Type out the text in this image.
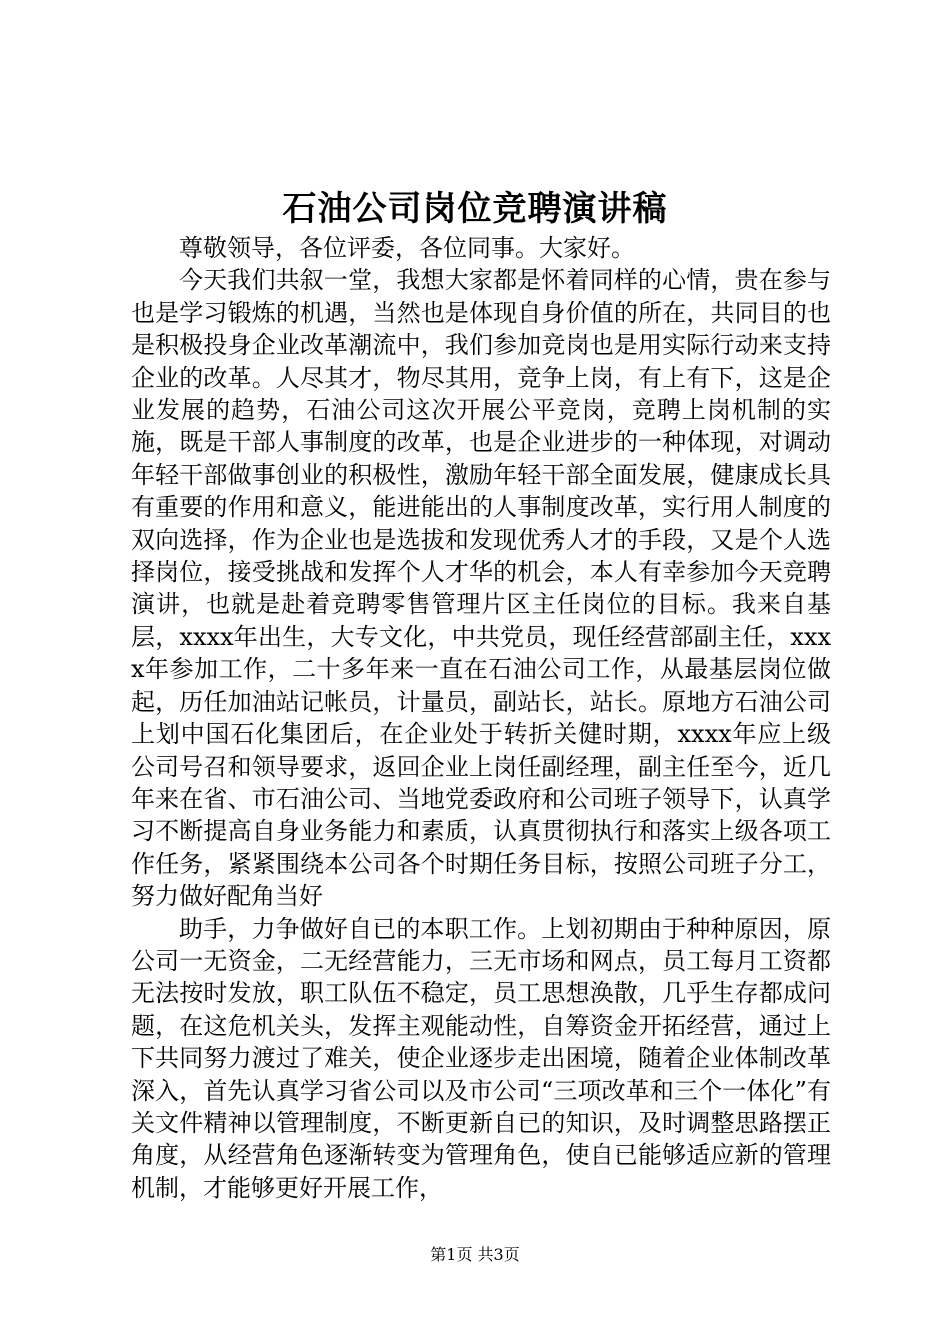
石油公司岗位竞聘演讲稿

尊敬领导，各位评委，各位同事。大家好。

今天我们共叙一堂，我想大家都是怀着同样的心情，贵在参与也是学习锻炼的机遇，当然也是体现自身价值的所在，共同目的也是积极投身企业改革潮流中，我们参加竞岗也是用实际行动来支持企业的改革。人尽其才，物尽其用，竞争上岗，有上有下，这是企业发展的趋势，石油公司这次开展公平竞岗，竞聘上岗机制的实施，既是干部人事制度的改革，也是企业进步的一种体现，对调动年轻干部做事创业的积极性，激励年轻干部全面发展，健康成长具有重要的作用和意义，能进能出的人事制度改革，实行用人制度的双向选择，作为企业也是选拔和发现优秀人才的手段，又是个人选择岗位，接受挑战和发挥个人才华的机会，本人有幸参加今天竞聘演讲，也就是赴着竞聘零售管理片区主任岗位的目标。我来自基层，xxxx年出生，大专文化，中共党员，现任经营部副主任，xxxx年参加工作，二十多年来一直在石油公司工作，从最基层岗位做起，历任加油站记帐员，计量员，副站长，站长。原地方石油公司上划中国石化集团后，在企业处于转折关健时期，xxxx年应上级公司号召和领导要求，返回企业上岗任副经理，副主任至今，近几年来在省、市石油公司、当地党委政府和公司班子领导下，认真学习不断提高自身业务能力和素质，认真贯彻执行和落实上级各项工作任务，紧紧围绕本公司各个时期任务目标，按照公司班子分工，努力做好配角当好

助手，力争做好自已的本职工作。上划初期由于种种原因，原公司一无资金，二无经营能力，三无市场和网点，员工每月工资都无法按时发放，职工队伍不稳定，员工思想涣散，几乎生存都成问题，在这危机关头，发挥主观能动性，自筹资金开拓经营，通过上下共同努力渡过了难关，使企业逐步走出困境，随着企业体制改革深入，首先认真学习省公司以及市公司“三项改革和三个一体化”有关文件精神以管理制度，不断更新自已的知识，及时调整思路摆正角度，从经营角色逐渐转变为管理角色，使自已能够适应新的管理机制，才能够更好开展工作，

第1页 共3页
